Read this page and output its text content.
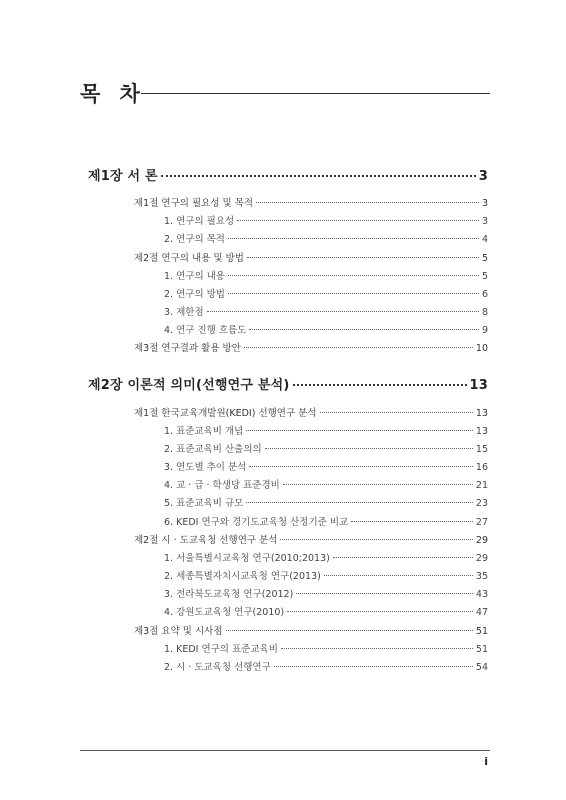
목 차
제1장 서 론	3
제1절 연구의 필요성 및 목적	3
1. 연구의 필요성	3
2. 연구의 목적	4
제2절 연구의 내용 및 방법	5
1. 연구의 내용	5
2. 연구의 방법	6
3. 제한점	8
4. 연구 진행 흐름도	9
제3절 연구결과 활용 방안	10
제2장 이론적 의미(선행연구 분석)	13
제1절 한국교육개발원(KEDI) 선행연구 분석	13
1. 표준교육비 개념	13
2. 표준교육비 산출의의	15
3. 연도별 추이 분석	16
4. 교 · 급 · 학생당 표준경비	21
5. 표준교육비 규모	23
6. KEDI 연구와 경기도교육청 산정기준 비교	27
제2절 시 · 도교육청 선행연구 분석	29
1. 서울특별시교육청 연구(2010;2013)	29
2. 세종특별자치시교육청 연구(2013)	35
3. 전라북도교육청 연구(2012)	43
4. 강원도교육청 연구(2010)	47
제3절 요약 및 시사점	51
1. KEDI 연구의 표준교육비	51
2. 시 · 도교육청 선행연구	54
i
